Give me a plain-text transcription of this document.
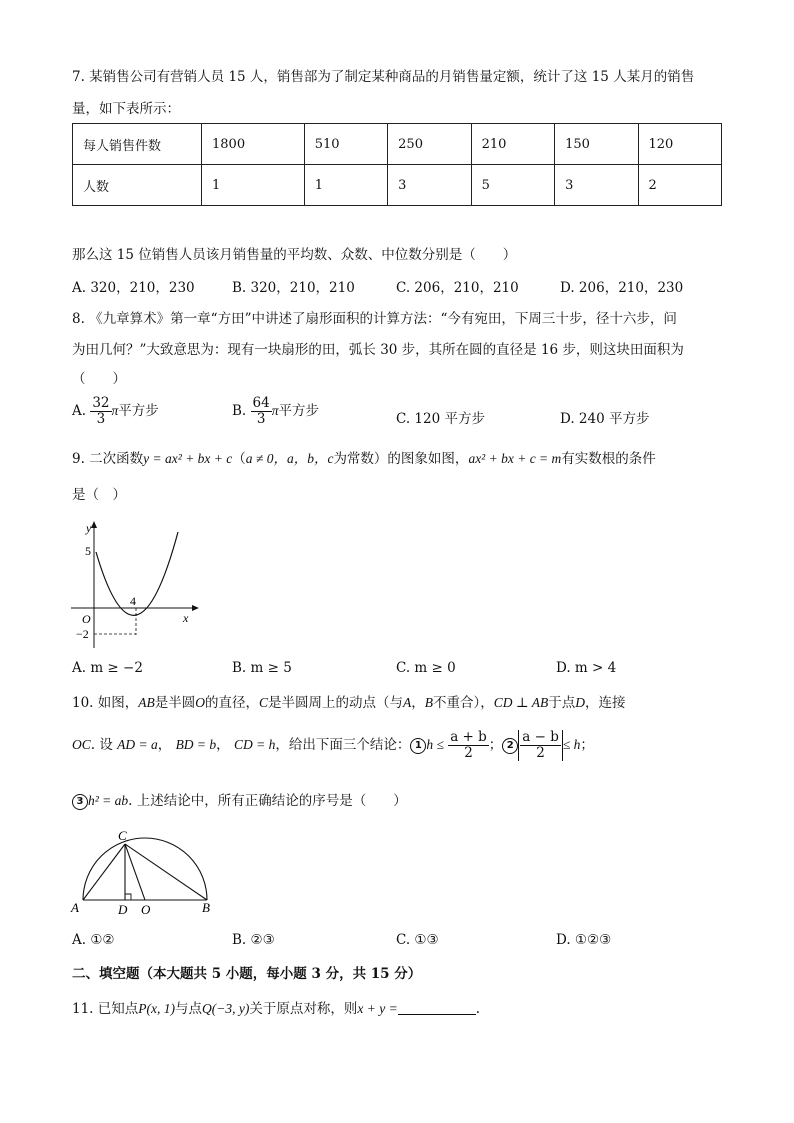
7. 某销售公司有营销人员 15 人，销售部为了制定某种商品的月销售量定额，统计了这 15 人某月的销售
量，如下表所示：
每人销售件数	1800	510	250	210	150	120
人数	1	1	3	5	3	2
那么这 15 位销售人员该月销售量的平均数、众数、中位数分别是（　　）
A. 320，210，230	B. 320，210，210	C. 206，210，210	D. 206，210，230
8. 《九章算术》第一章“方田”中讲述了扇形面积的计算方法：“今有宛田，下周三十步，径十六步，问
为田几何？”大致意思为：现有一块扇形的田，弧长 30 步，其所在圆的直径是 16 步，则这块田面积为
（　　）
A. $\frac{32}{3}$ π平方步	B. $\frac{64}{3}$ π平方步	C. 120 平方步	D. 240 平方步
9. 二次函数y = ax² + bx + c（a ≠ 0，a，b，c为常数）的图象如图，ax² + bx + c = m有实数根的条件
是（　）
y
x
O
5
−2
4
A. m ≥ −2	B. m ≥ 5	C. m ≥ 0	D. m > 4
10. 如图，AB是半圆O的直径，C是半圆周上的动点（与A，B不重合），CD ⊥ AB于点D，连接
OC. 设 AD = a， BD = b， CD = h，给出下面三个结论： 1 $h \le \frac{a + b}{2}$ ； $2 \frac{a - b}{2} \le h$；
3 h² = ab. 上述结论中，所有正确结论的序号是（　　）
C
A	D O	B
A. ①②	B. ②③	C. ①③	D. ①②③
二、填空题（本大题共 5 小题，每小题 3 分，共 15 分）
11. 已知点P(x, 1)与点Q(−3, y)关于原点对称，则x + y =	.
